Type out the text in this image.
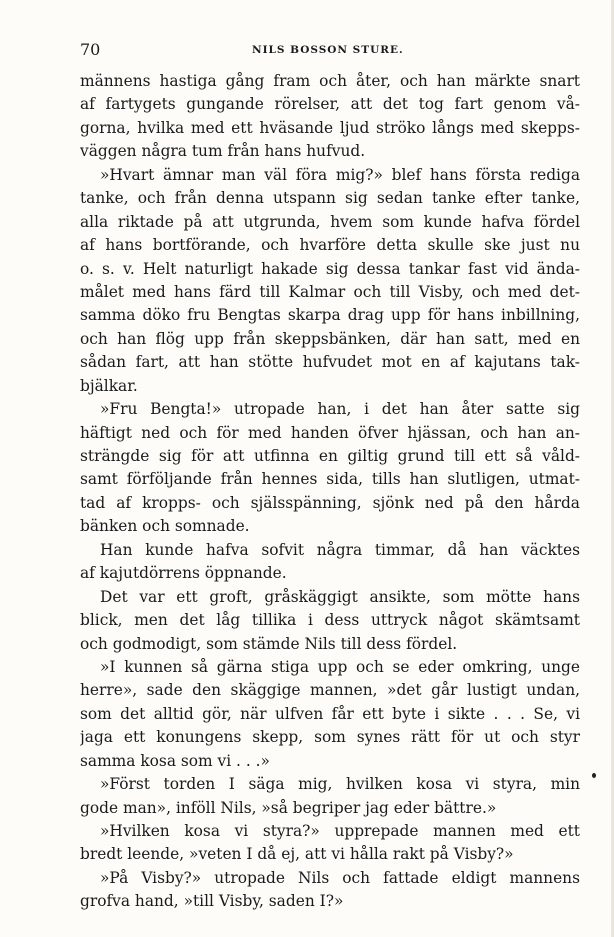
70	NILS BOSSON STURE.
männens hastiga gång fram och åter, och han märkte snart
af fartygets gungande rörelser, att det tog fart genom vå-
gorna, hvilka med ett hväsande ljud ströko långs med skepps-
väggen några tum från hans hufvud.
»Hvart ämnar man väl föra mig?» blef hans första rediga
tanke, och från denna utspann sig sedan tanke efter tanke,
alla riktade på att utgrunda, hvem som kunde hafva fördel
af hans bortförande, och hvarföre detta skulle ske just nu
o. s. v. Helt naturligt hakade sig dessa tankar fast vid ända-
målet med hans färd till Kalmar och till Visby, och med det-
samma döko fru Bengtas skarpa drag upp för hans inbillning,
och han flög upp från skeppsbänken, där han satt, med en
sådan fart, att han stötte hufvudet mot en af kajutans tak-
bjälkar.
»Fru Bengta!» utropade han, i det han åter satte sig
häftigt ned och för med handen öfver hjässan, och han an-
strängde sig för att utfinna en giltig grund till ett så våld-
samt förföljande från hennes sida, tills han slutligen, utmat-
tad af kropps- och själsspänning, sjönk ned på den hårda
bänken och somnade.
Han kunde hafva sofvit några timmar, då han väcktes
af kajutdörrens öppnande.
Det var ett groft, gråskäggigt ansikte, som mötte hans
blick, men det låg tillika i dess uttryck något skämtsamt
och godmodigt, som stämde Nils till dess fördel.
»I kunnen så gärna stiga upp och se eder omkring, unge
herre», sade den skäggige mannen, »det går lustigt undan,
som det alltid gör, när ulfven får ett byte i sikte . . . Se, vi
jaga ett konungens skepp, som synes rätt för ut och styr
samma kosa som vi . . .»
»Först torden I säga mig, hvilken kosa vi styra, min
gode man», inföll Nils, »så begriper jag eder bättre.»
»Hvilken kosa vi styra?» upprepade mannen med ett
bredt leende, »veten I då ej, att vi hålla rakt på Visby?»
»På Visby?» utropade Nils och fattade eldigt mannens
grofva hand, »till Visby, saden I?»
